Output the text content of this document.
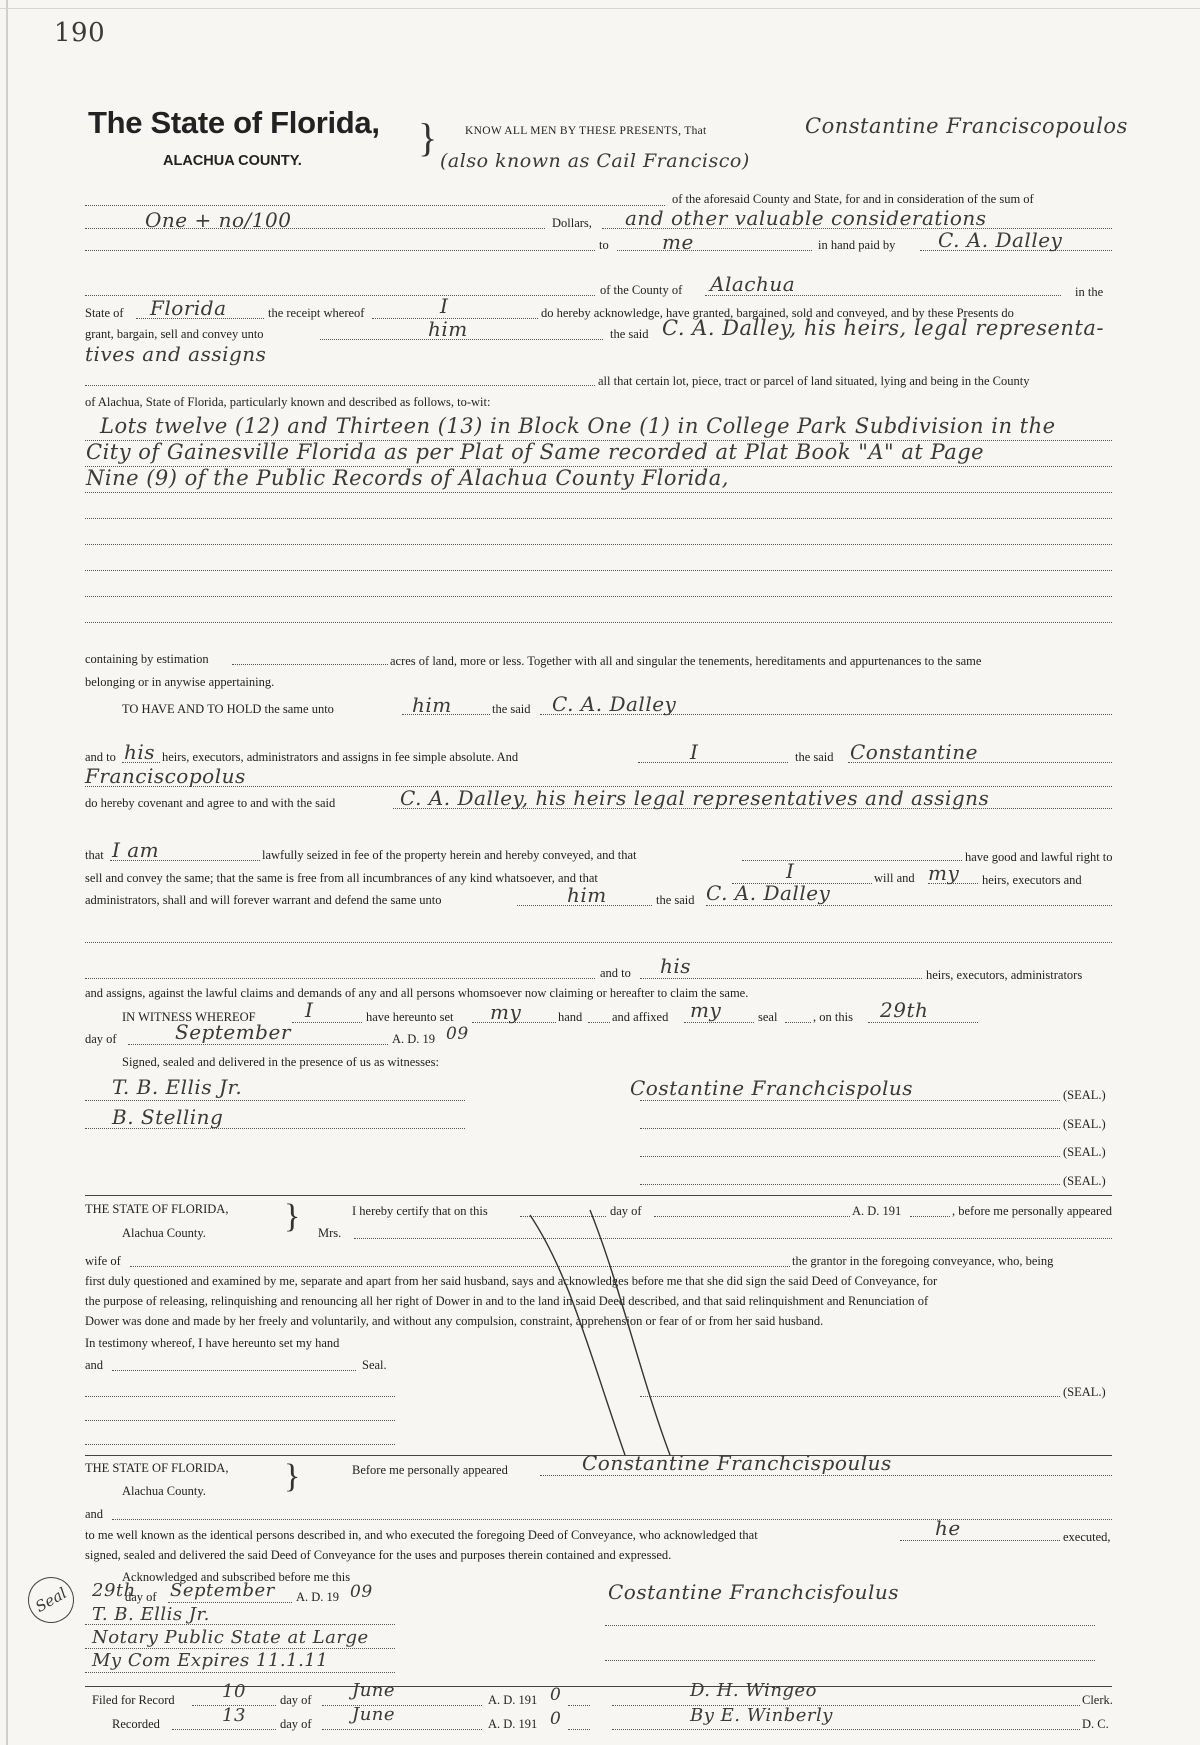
190
The State of Florida,
ALACHUA COUNTY.
} KNOW ALL MEN BY THESE PRESENTS, That	Constantine Franciscopoulos
(also known as Cail Francisco)
of the aforesaid County and State, for and in consideration of the sum of
One + no/100	Dollars, and other valuable considerations
to	me	in hand paid by C. A. Dalley
of the County of Alachua	in the
State of Florida	the receipt whereof	I	do hereby acknowledge, have granted, bargained, sold and conveyed, and by these Presents do
grant, bargain, sell and convey unto	him	the said C. A. Dalley, his heirs, legal representa-
tives and assigns
all that certain lot, piece, tract or parcel of land situated, lying and being in the County
of Alachua, State of Florida, particularly known and described as follows, to-wit:
Lots twelve (12) and Thirteen (13) in Block One (1) in College Park Subdivision in the
City of Gainesville Florida as per Plat of Same recorded at Plat Book "A" at Page
Nine (9) of the Public Records of Alachua County Florida,
containing by estimation	acres of land, more or less. Together with all and singular the tenements, hereditaments and appurtenances to the same
belonging or in anywise appertaining.
TO HAVE AND TO HOLD the same unto	him	the said C. A. Dalley
and to his heirs, executors, administrators and assigns in fee simple absolute. And	I	the said Constantine
Franciscopolus
do hereby covenant and agree to and with the said	C. A. Dalley, his heirs legal representatives and assigns
that I am	lawfully seized in fee of the property herein and hereby conveyed, and that	have good and lawful right to
sell and convey the same; that the same is free from all incumbrances of any kind whatsoever, and that	I	will and my heirs, executors and
administrators, shall and will forever warrant and defend the same unto	him	the said C. A. Dalley
and to his	heirs, executors, administrators
and assigns, against the lawful claims and demands of any and all persons whomsoever now claiming or hereafter to claim the same.
IN WITNESS WHEREOF I	have hereunto set my	hand and affixed my	seal	, on this 29th
day of	September	A. D. 19 09
Signed, sealed and delivered in the presence of us as witnesses:
T. B. Ellis Jr.
B. Stelling
Costantine Franchcispolus	(SEAL.)
(SEAL.)
(SEAL.)
(SEAL.)
THE STATE OF FLORIDA,
Alachua County. }	I hereby certify that on this	day of	A. D. 191	, before me personally appeared
Mrs.
wife of	the grantor in the foregoing conveyance, who, being
first duly questioned and examined by me, separate and apart from her said husband, says and acknowledges before me that she did sign the said Deed of Conveyance, for
the purpose of releasing, relinquishing and renouncing all her right of Dower in and to the land in said Deed described, and that said relinquishment and Renunciation of
Dower was done and made by her freely and voluntarily, and without any compulsion, constraint, apprehension or fear of or from her said husband.
In testimony whereof, I have hereunto set my hand
and	Seal.
(SEAL.)
THE STATE OF FLORIDA,
Alachua County. }	Before me personally appeared	Constantine Franchcispoulus
and
to me well known as the identical persons described in, and who executed the foregoing Deed of Conveyance, who acknowledged that	he	executed,
signed, sealed and delivered the said Deed of Conveyance for the uses and purposes therein contained and expressed.
Acknowledged and subscribed before me this
29th
day of September A. D. 19 09
T. B. Ellis Jr.
Notary Public State at Large
My Com Expires 11.1.11
Seal	Costantine Franchcisfoulus
Filed for Record	10	day of June	A. D. 191 0	D. H. Wingeo	Clerk.
Recorded	13	day of June	A. D. 191 0	By E. Winberly	D. C.
